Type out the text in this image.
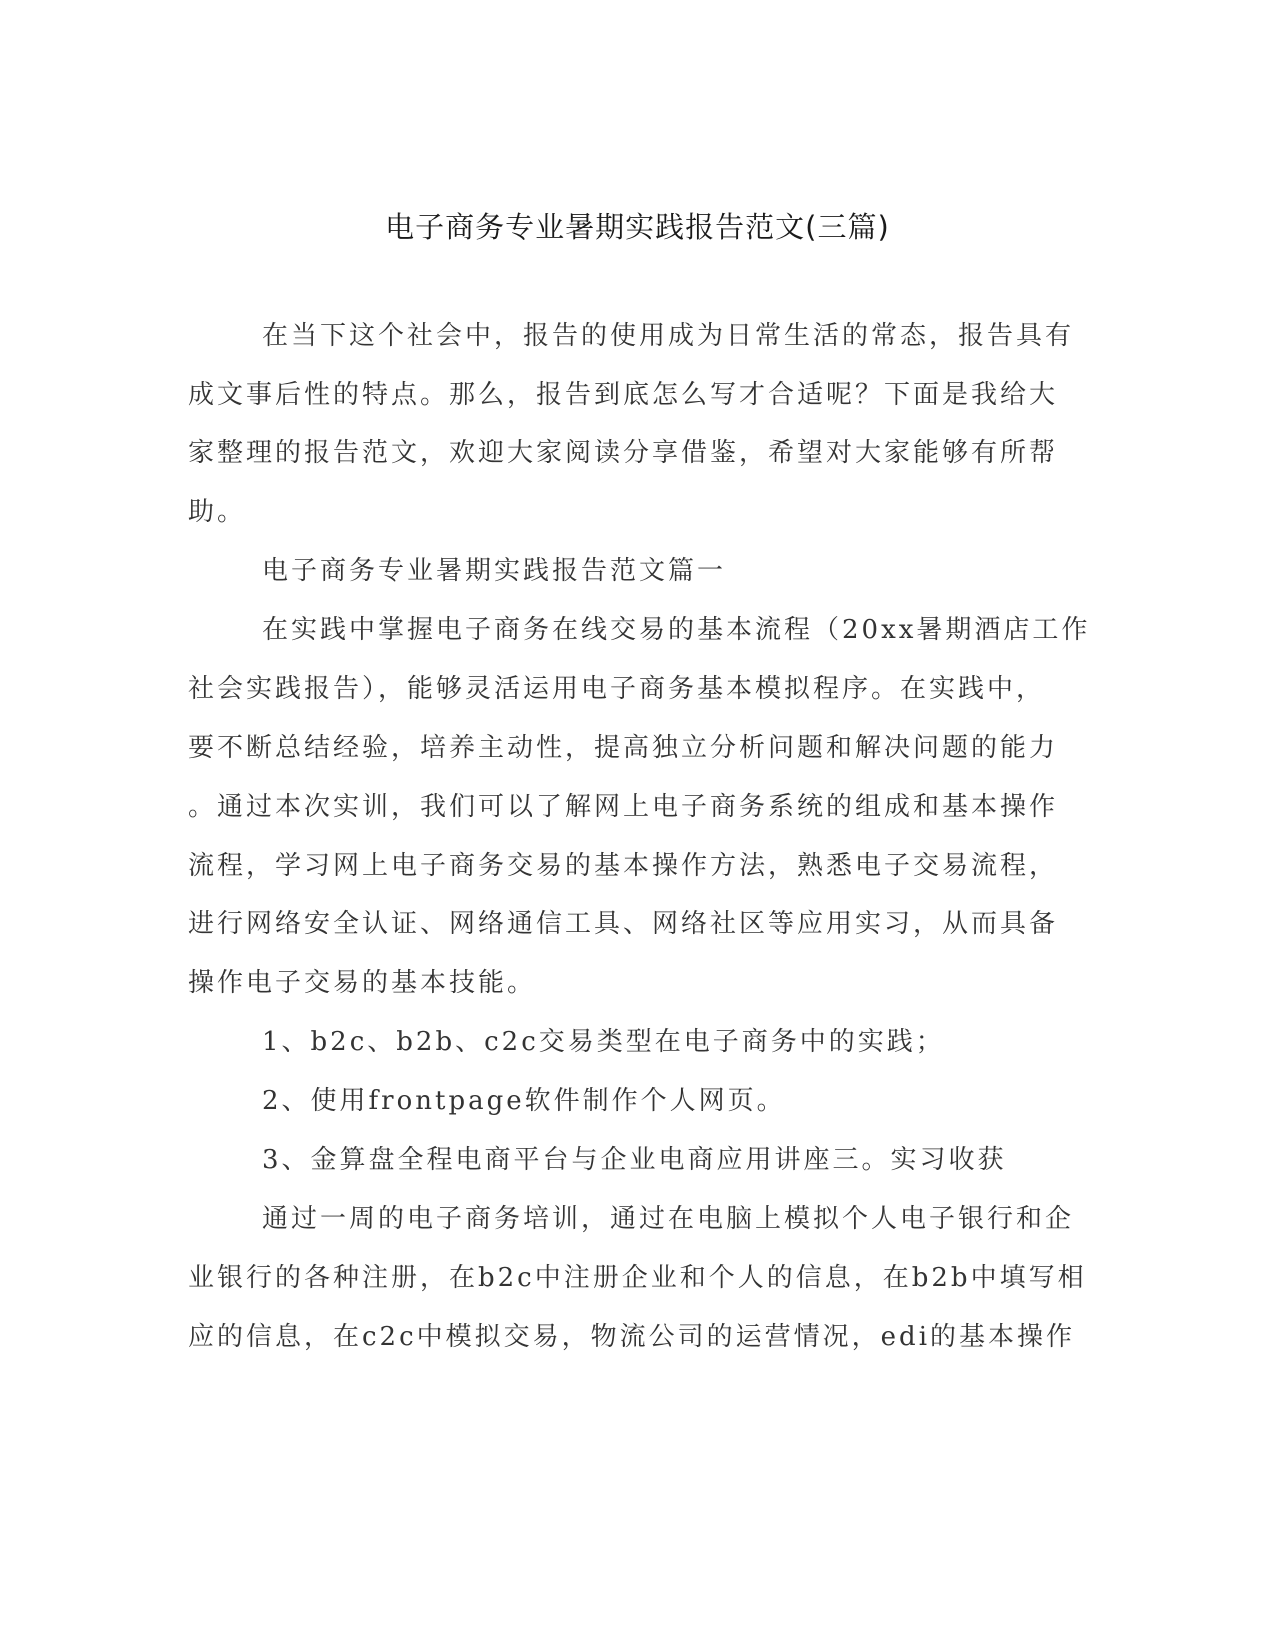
电子商务专业暑期实践报告范文(三篇)
在当下这个社会中，报告的使用成为日常生活的常态，报告具有
成文事后性的特点。那么，报告到底怎么写才合适呢？下面是我给大
家整理的报告范文，欢迎大家阅读分享借鉴，希望对大家能够有所帮
助。
电子商务专业暑期实践报告范文篇一
在实践中掌握电子商务在线交易的基本流程（20xx暑期酒店工作
社会实践报告），能够灵活运用电子商务基本模拟程序。在实践中，
要不断总结经验，培养主动性，提高独立分析问题和解决问题的能力
。通过本次实训，我们可以了解网上电子商务系统的组成和基本操作
流程，学习网上电子商务交易的基本操作方法，熟悉电子交易流程，
进行网络安全认证、网络通信工具、网络社区等应用实习，从而具备
操作电子交易的基本技能。
1、b2c、b2b、c2c交易类型在电子商务中的实践；
2、使用frontpage软件制作个人网页。
3、金算盘全程电商平台与企业电商应用讲座三。实习收获
通过一周的电子商务培训，通过在电脑上模拟个人电子银行和企
业银行的各种注册，在b2c中注册企业和个人的信息，在b2b中填写相
应的信息，在c2c中模拟交易，物流公司的运营情况，edi的基本操作
